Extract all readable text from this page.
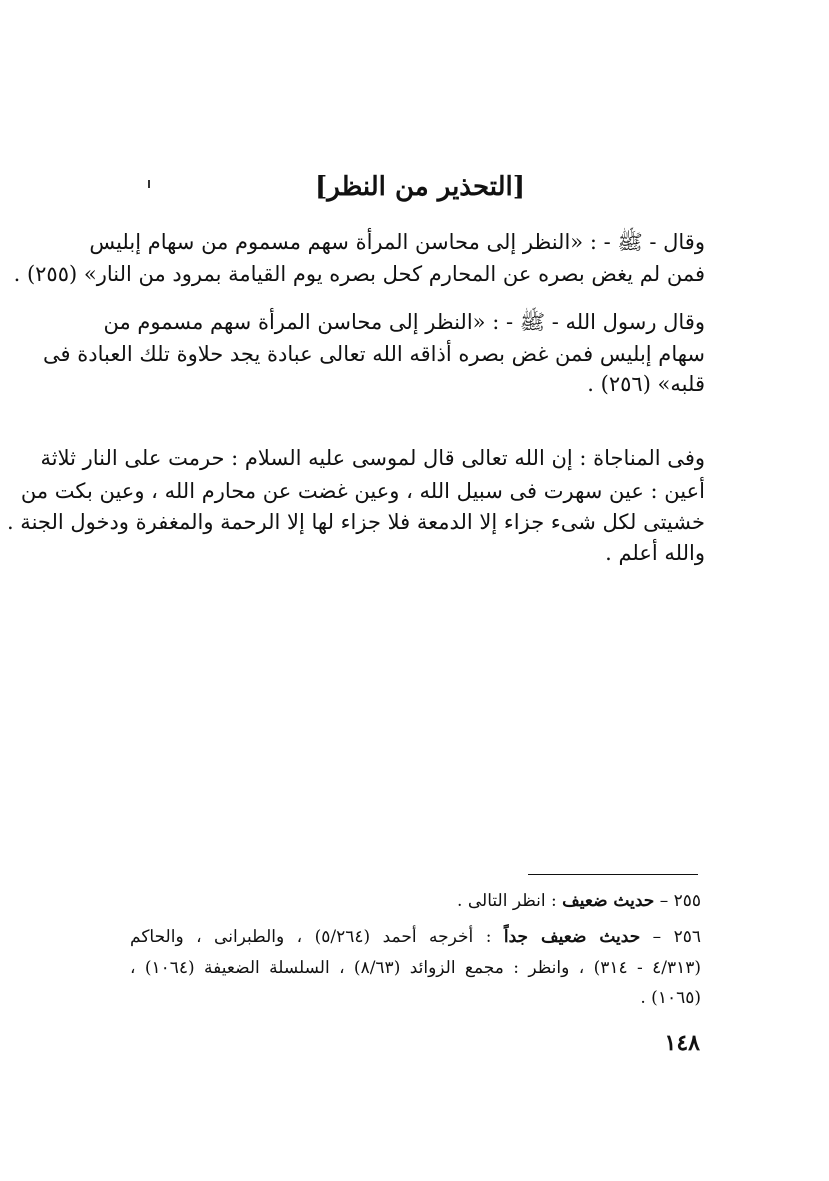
[التحذير من النظر]
وقال - ﷺ - : «النظر إلى محاسن المرأة سهم مسموم من سهام إبليس
فمن لم يغض بصره عن المحارم كحل بصره يوم القيامة بمرود من النار» (٢٥٥) .
وقال رسول الله - ﷺ - : «النظر إلى محاسن المرأة سهم مسموم من
سهام إبليس فمن غض بصره أذاقه الله تعالى عبادة يجد حلاوة تلك العبادة فى
قلبه» (٢٥٦) .
وفى المناجاة : إن الله تعالى قال لموسى عليه السلام : حرمت على النار ثلاثة
أعين : عين سهرت فى سبيل الله ، وعين غضت عن محارم الله ، وعين بكت من
خشيتى لكل شىء جزاء إلا الدمعة فلا جزاء لها إلا الرحمة والمغفرة ودخول الجنة .
والله أعلم .
٢٥٥ – حديث ضعيف : انظر التالى .
٢٥٦ – حديث ضعيف جداً : أخرجه أحمد (٥/٢٦٤) ، والطبرانى ، والحاكم
(٤/٣١٣ - ٣١٤) ، وانظر : مجمع الزوائد (٨/٦٣) ، السلسلة الضعيفة (١٠٦٤) ،
(١٠٦٥) .
١٤٨
